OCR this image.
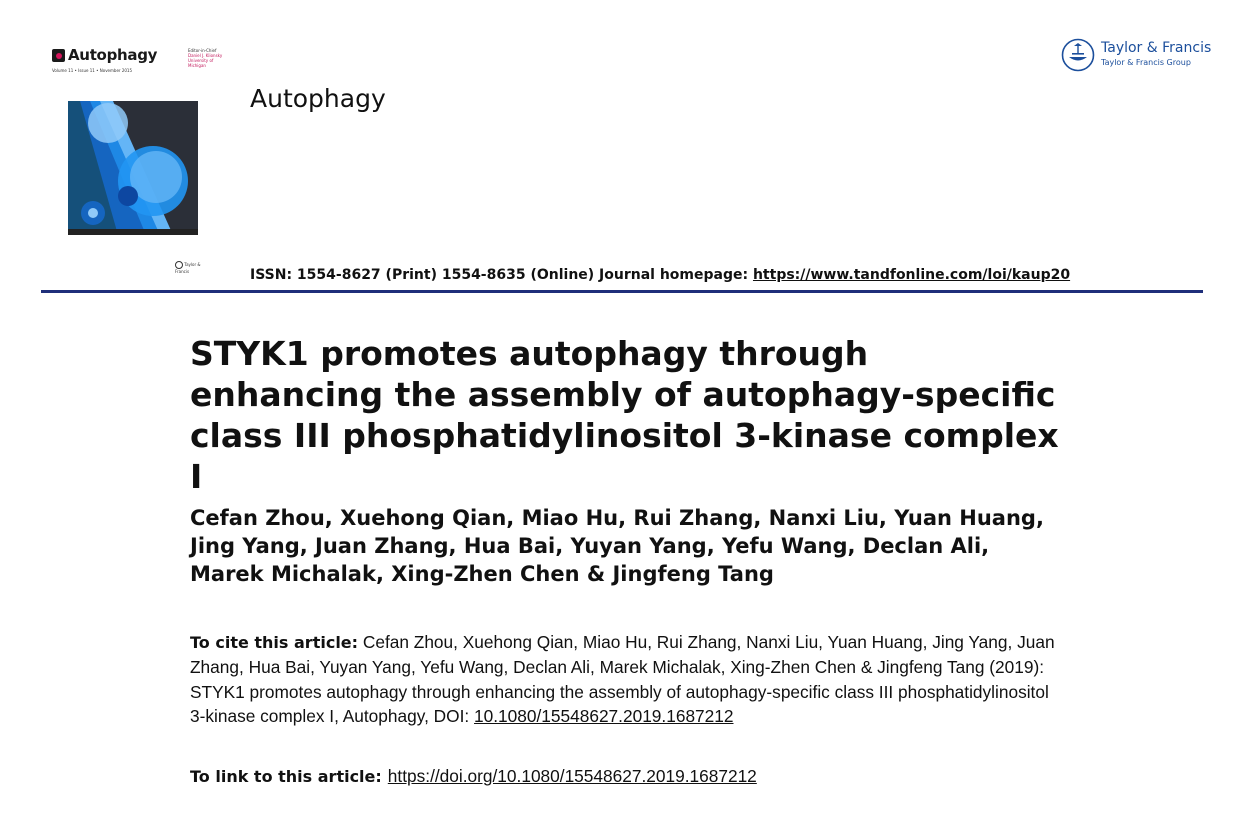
Autophagy
Volume 11 • Issue 11 • November 2015
Editor-in-Chief
Daniel J. Klionsky
University of Michigan
Taylor & Francis
Autophagy
Taylor & Francis
Taylor & Francis Group
ISSN: 1554-8627 (Print) 1554-8635 (Online) Journal homepage: https://www.tandfonline.com/loi/kaup20
STYK1 promotes autophagy through enhancing the assembly of autophagy-specific class III phosphatidylinositol 3-kinase complex I

Cefan Zhou, Xuehong Qian, Miao Hu, Rui Zhang, Nanxi Liu, Yuan Huang, Jing Yang, Juan Zhang, Hua Bai, Yuyan Yang, Yefu Wang, Declan Ali, Marek Michalak, Xing-Zhen Chen & Jingfeng Tang

To cite this article: Cefan Zhou, Xuehong Qian, Miao Hu, Rui Zhang, Nanxi Liu, Yuan Huang, Jing Yang, Juan Zhang, Hua Bai, Yuyan Yang, Yefu Wang, Declan Ali, Marek Michalak, Xing-Zhen Chen & Jingfeng Tang (2019): STYK1 promotes autophagy through enhancing the assembly of autophagy-specific class III phosphatidylinositol 3-kinase complex I, Autophagy, DOI: 10.1080/15548627.2019.1687212

To link to this article: https://doi.org/10.1080/15548627.2019.1687212
